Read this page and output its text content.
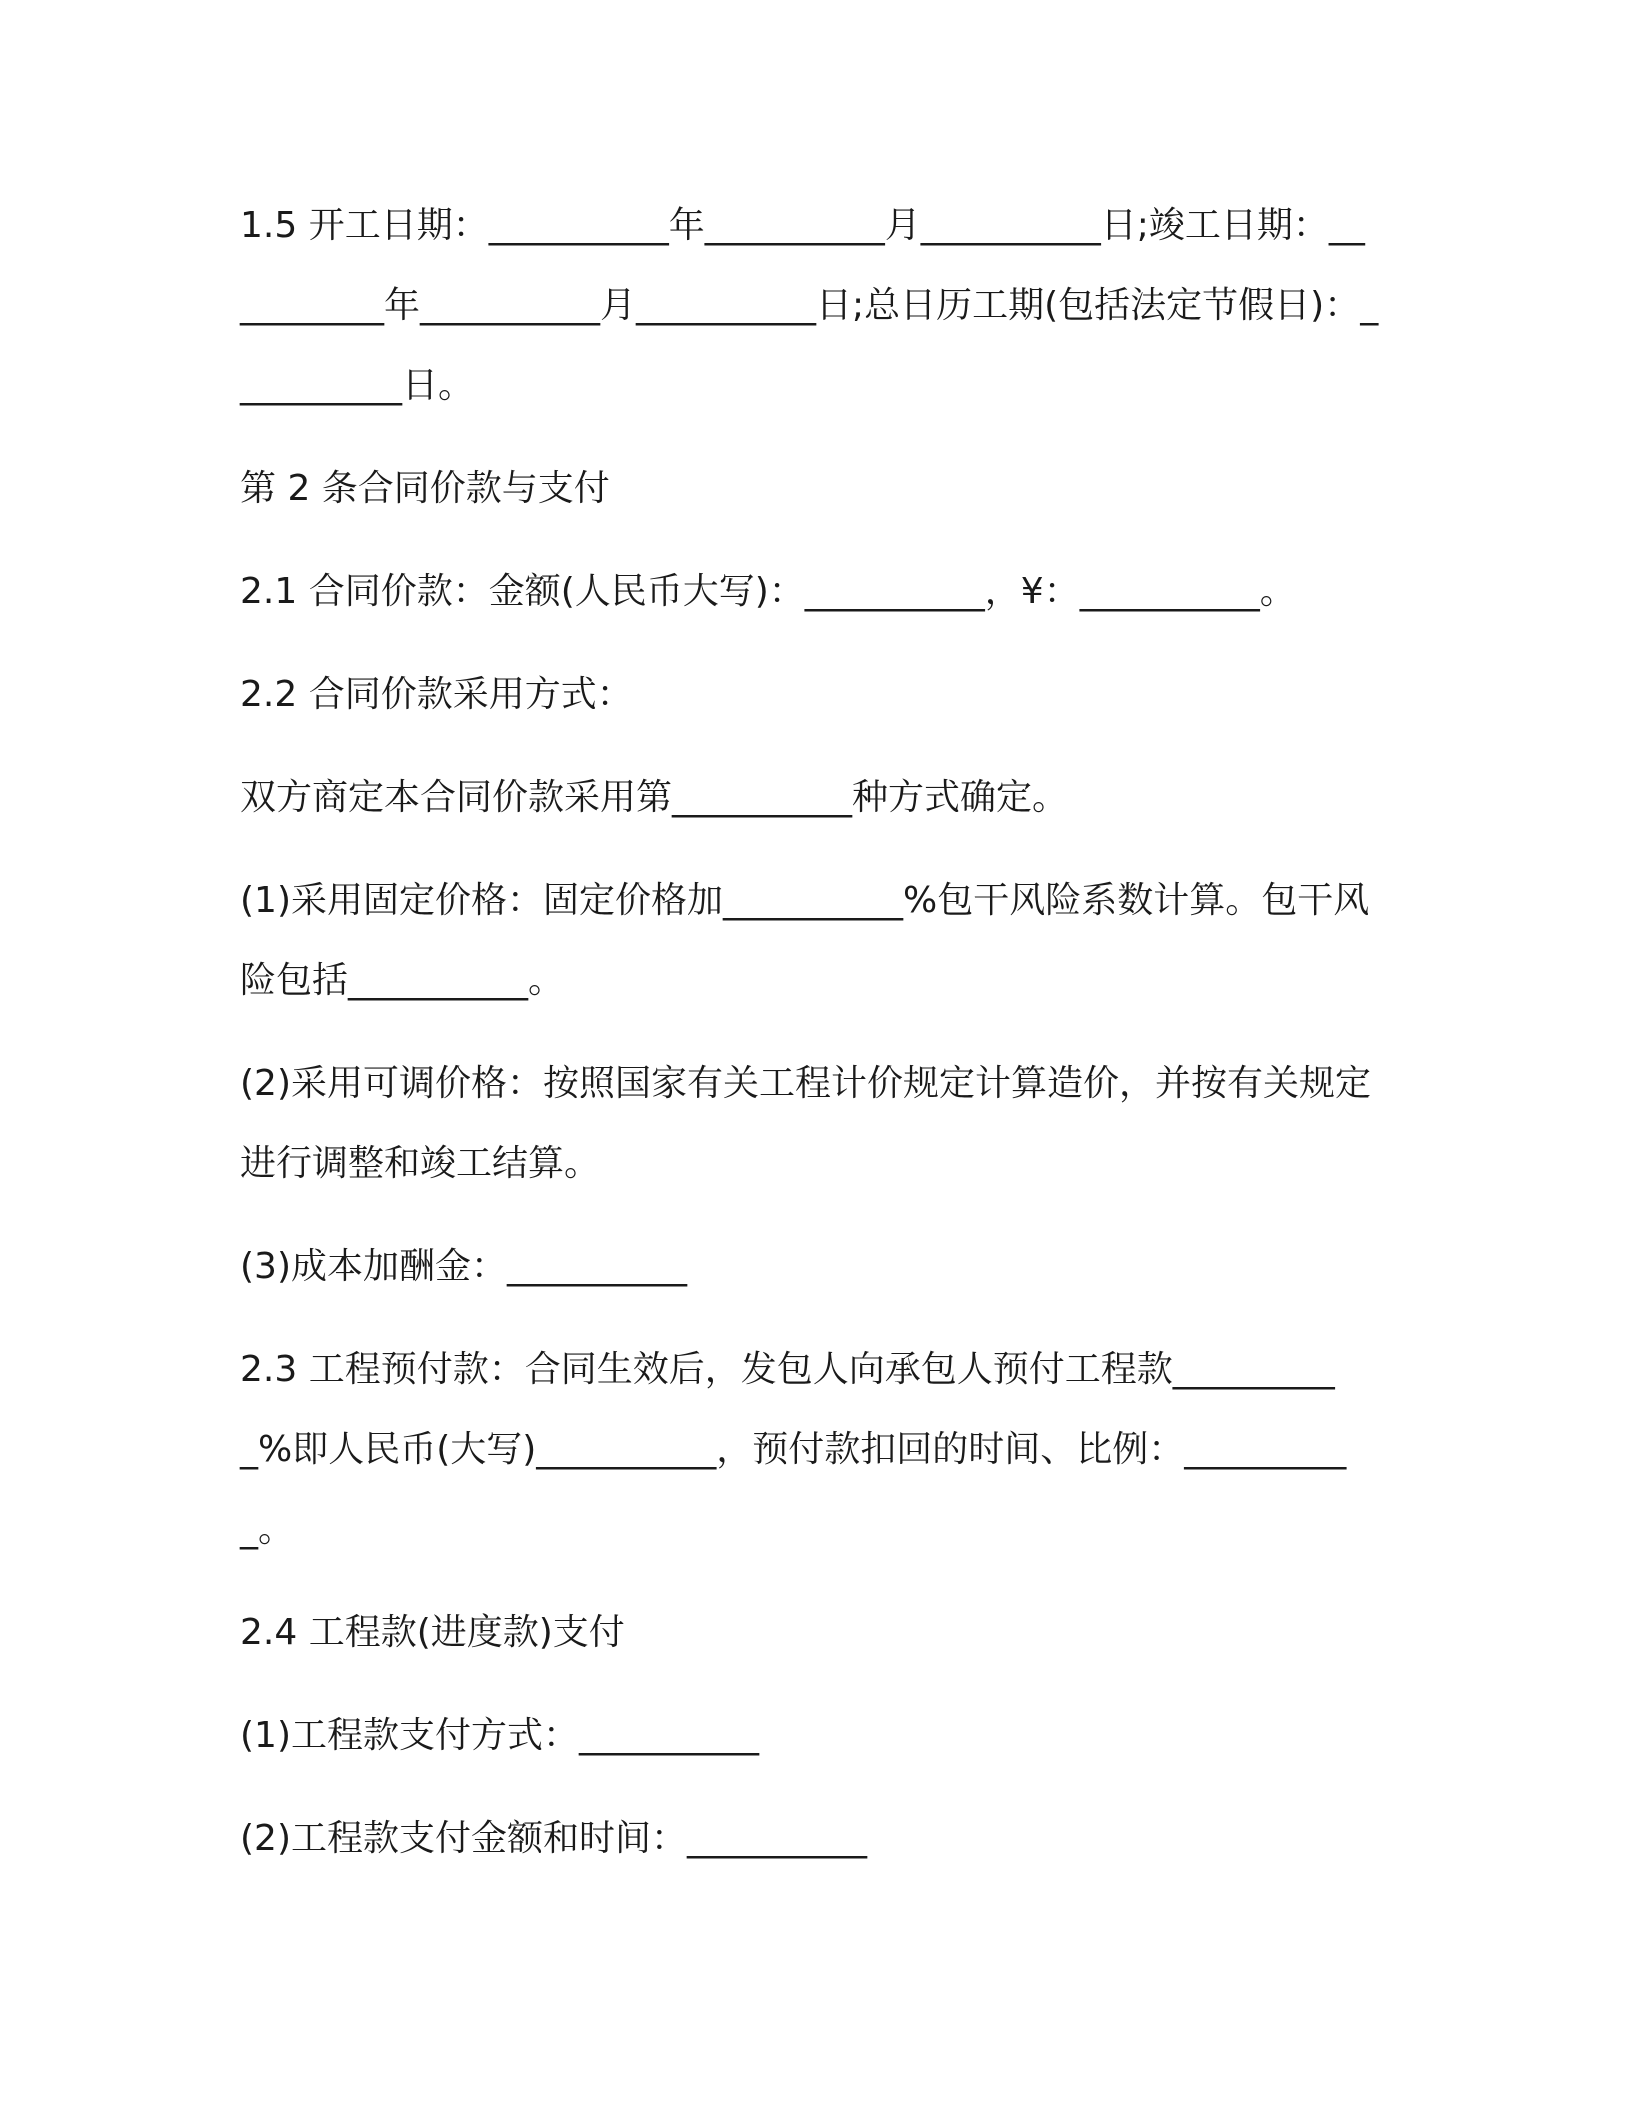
1.5 开工日期：__________年__________月__________日;竣工日期：__________年__________月__________日;总日历工期(包括法定节假日)：__________日。

第 2 条合同价款与支付

2.1 合同价款：金额(人民币大写)：__________，¥：__________。

2.2 合同价款采用方式：

双方商定本合同价款采用第__________种方式确定。

(1)采用固定价格：固定价格加__________%包干风险系数计算。包干风险包括__________。

(2)采用可调价格：按照国家有关工程计价规定计算造价，并按有关规定进行调整和竣工结算。

(3)成本加酬金：__________

2.3 工程预付款：合同生效后，发包人向承包人预付工程款__________%即人民币(大写)__________，预付款扣回的时间、比例：__________。

2.4 工程款(进度款)支付

(1)工程款支付方式：__________

(2)工程款支付金额和时间：__________
